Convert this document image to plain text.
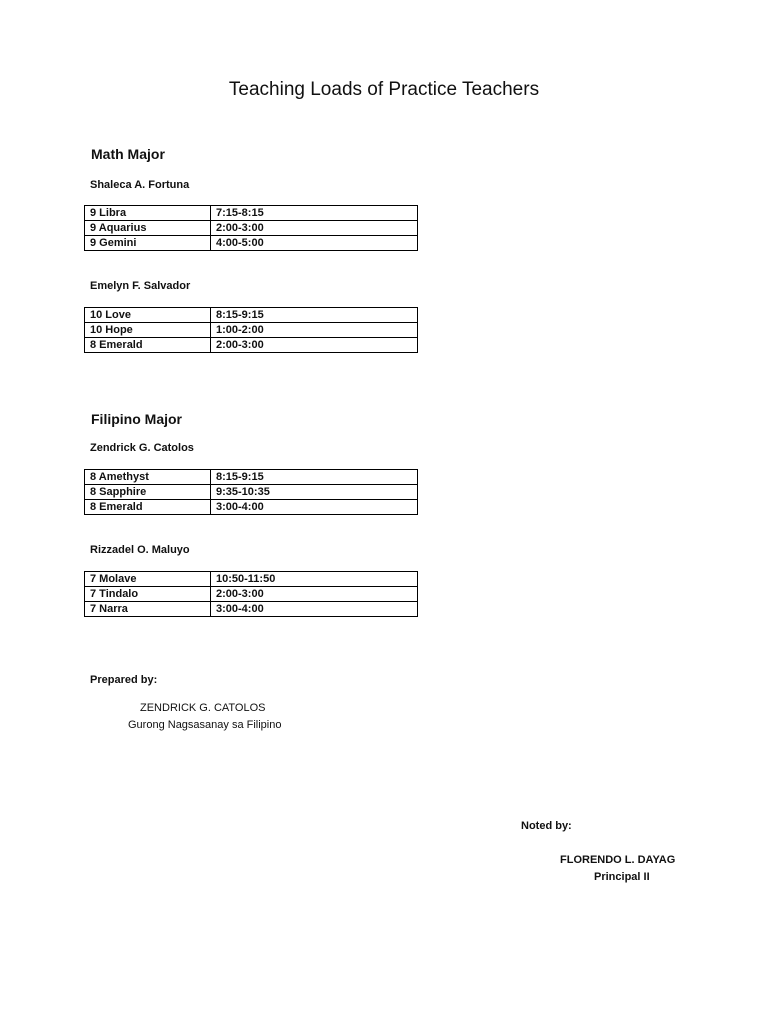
Teaching Loads of Practice Teachers
Math Major
Shaleca A. Fortuna
9 Libra	7:15-8:15
9 Aquarius	2:00-3:00
9 Gemini	4:00-5:00
Emelyn F. Salvador
10 Love	8:15-9:15
10 Hope	1:00-2:00
8 Emerald	2:00-3:00
Filipino Major
Zendrick G. Catolos
8 Amethyst	8:15-9:15
8 Sapphire	9:35-10:35
8 Emerald	3:00-4:00
Rizzadel O. Maluyo
7 Molave	10:50-11:50
7 Tindalo	2:00-3:00
7 Narra	3:00-4:00
Prepared by:
ZENDRICK G. CATOLOS
Gurong Nagsasanay sa Filipino
Noted by:
FLORENDO L. DAYAG
Principal II
